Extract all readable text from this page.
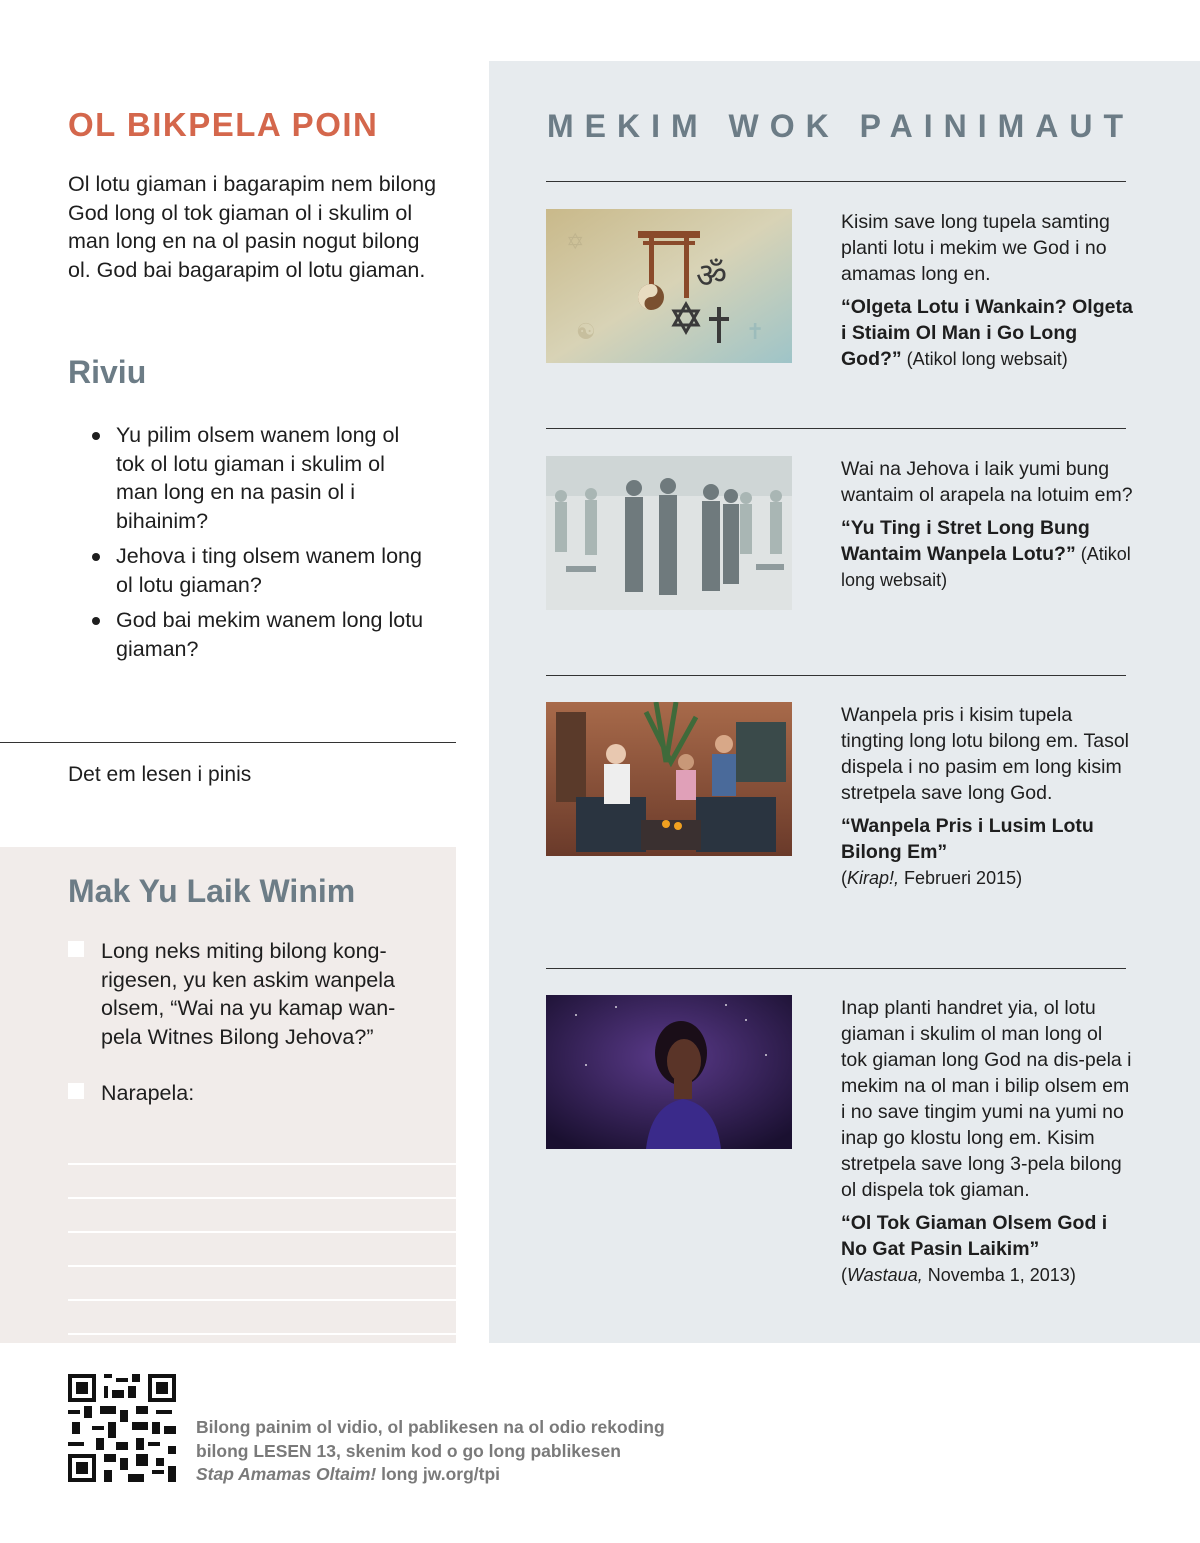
OL BIKPELA POIN

Ol lotu giaman i bagarapim nem bilong God long ol tok giaman ol i skulim ol man long en na ol pasin nogut bilong ol. God bai bagarapim ol lotu giaman.

Riviu
Yu pilim olsem wanem long ol tok ol lotu giaman i skulim ol man long en na pasin ol i bihainim?
Jehova i ting olsem wanem long ol lotu giaman?
God bai mekim wanem long lotu giaman?

Det em lesen i pinis

Mak Yu Laik Winim
Long neks miting bilong kong-rigesen, yu ken askim wanpela olsem, “Wai na yu kamap wan-pela Witnes Bilong Jehova?”
Narapela:
MEKIM WOK PAINIMAUT
ॐ
✡
✝
☯

Kisim save long tupela samting planti lotu i mekim we God i no amamas long en.

“Olgeta Lotu i Wankain? Olgeta i Stiaim Ol Man i Go Long God?” (Atikol long websait)

Wai na Jehova i laik yumi bung wantaim ol arapela na lotuim em?

“Yu Ting i Stret Long Bung Wantaim Wanpela Lotu?” (Atikol long websait)

Wanpela pris i kisim tupela tingting long lotu bilong em. Tasol dispela i no pasim em long kisim stretpela save long God.

“Wanpela Pris i Lusim Lotu Bilong Em”
(Kirap!, Februeri 2015)

Inap planti handret yia, ol lotu giaman i skulim ol man long ol tok giaman long God na dis-pela i mekim na ol man i bilip olsem em i no save tingim yumi na yumi no inap go klostu long em. Kisim stretpela save long 3-pela bilong ol dispela tok giaman.

“Ol Tok Giaman Olsem God i No Gat Pasin Laikim”
(Wastaua, Novemba 1, 2013)

Bilong painim ol vidio, ol pablikesen na ol odio rekoding
bilong LESEN 13, skenim kod o go long pablikesen
Stap Amamas Oltaim! long jw.org/tpi
